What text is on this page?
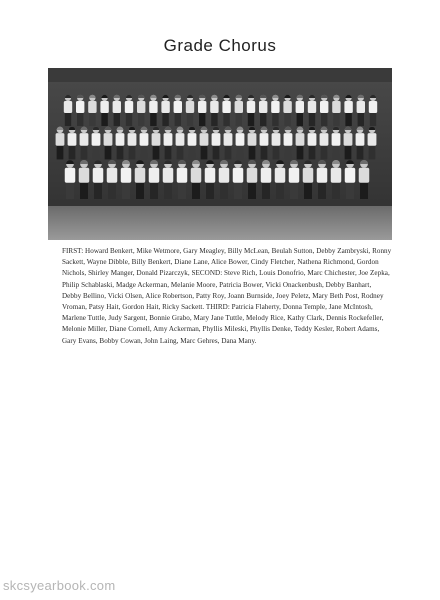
Grade Chorus
FIRST: Howard Benkert, Mike Wetmore, Gary Meagley, Billy McLean, Beulah Sutton, Debby Zambryski, Ronny Sackett, Wayne Dibble, Billy Benkert, Diane Lane, Alice Bower, Cindy Fletcher, Nathena Richmond, Gordon Nichols, Shirley Manger, Donald Pizarczyk, SECOND: Steve Rich, Louis Donofrio, Marc Chichester, Joe Zepka, Philip Schablaski, Madge Ackerman, Melanie Moore, Patricia Bower, Vicki Onackenbush, Debby Banhart, Debby Bellino, Vicki Olsen, Alice Robertson, Patty Roy, Joann Burnside, Joey Peletz, Mary Beth Post, Rodney Vroman, Patsy Hait, Gordon Hait, Ricky Sackett. THIRD: Patricia Flaherty, Donna Temple, Jane McIntosh, Marlene Tuttle, Judy Sargent, Bonnie Grabo, Mary Jane Tuttle, Melody Rice, Kathy Clark, Dennis Rockefeller, Melonie Miller, Diane Cornell, Amy Ackerman, Phyllis Mileski, Phyllis Denke, Teddy Kesler, Robert Adams, Gary Evans, Bobby Cowan, John Laing, Marc Gehres, Dana Many.
skcsyearbook.com
